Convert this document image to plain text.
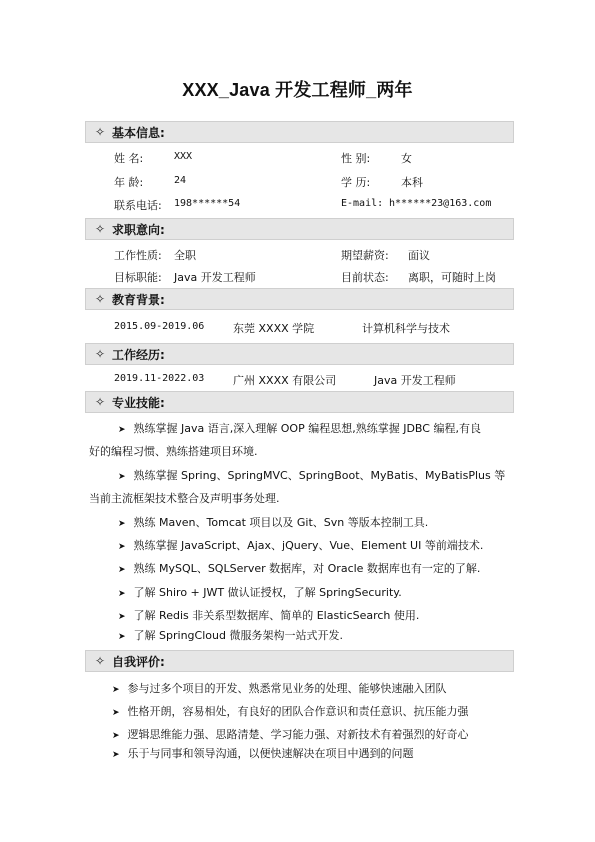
XXX_Java 开发工程师_两年
✧ 基本信息:
姓 名:	XXX	性 别:	女
年 龄:	24	学 历:	本科
联系电话: 198******54	E-mail: h******23@163.com
✧ 求职意向:
工作性质: 全职	期望薪资: 面议
目标职能: Java 开发工程师	目前状态: 离职，可随时上岗
✧ 教育背景:
2015.09-2019.06	东莞 XXXX 学院	计算机科学与技术
✧ 工作经历:
2019.11-2022.03	广州 XXXX 有限公司	Java 开发工程师
✧ 专业技能:
➤ 熟练掌握 Java 语言,深入理解 OOP 编程思想,熟练掌握 JDBC 编程,有良
好的编程习惯、熟练搭建项目环境.
➤ 熟练掌握 Spring、SpringMVC、SpringBoot、MyBatis、MyBatisPlus 等
当前主流框架技术整合及声明事务处理.
➤ 熟练 Maven、Tomcat 项目以及 Git、Svn 等版本控制工具.
➤ 熟练掌握 JavaScript、Ajax、jQuery、Vue、Element UI 等前端技术.
➤ 熟练 MySQL、SQLServer 数据库，对 Oracle 数据库也有一定的了解.
➤ 了解 Shiro + JWT 做认证授权，了解 SpringSecurity.
➤ 了解 Redis 非关系型数据库、简单的 ElasticSearch 使用.
➤ 了解 SpringCloud 微服务架构一站式开发.
✧ 自我评价:
➤ 参与过多个项目的开发、熟悉常见业务的处理、能够快速融入团队
➤ 性格开朗，容易相处，有良好的团队合作意识和责任意识、抗压能力强
➤ 逻辑思维能力强、思路清楚、学习能力强、对新技术有着强烈的好奇心
➤ 乐于与同事和领导沟通，以便快速解决在项目中遇到的问题
